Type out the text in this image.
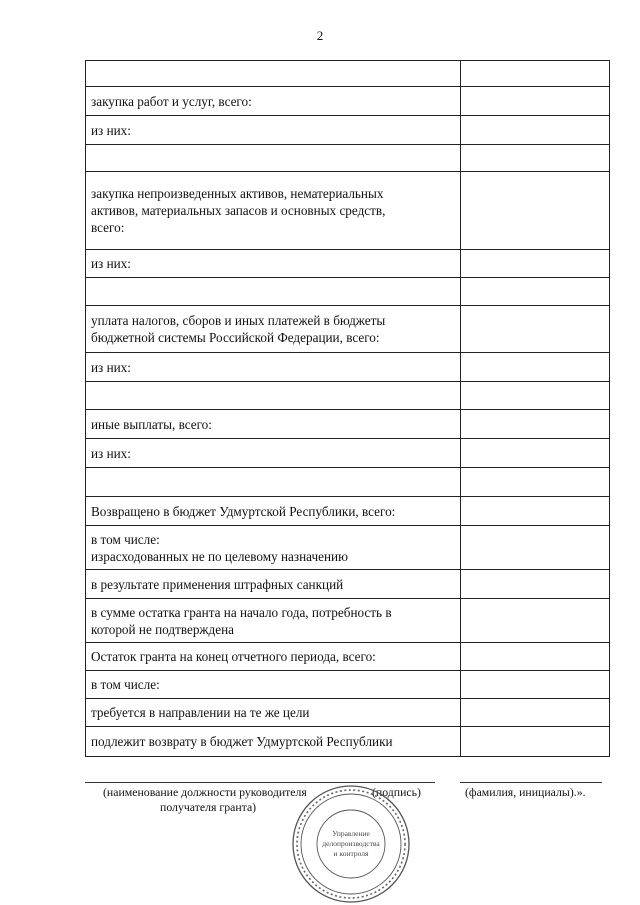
2

закупка работ и услуг, всего:	
из них:	

закупка непроизведенных активов, нематериальных
активов, материальных запасов и основных средств,
всего:	
из них:	

уплата налогов, сборов и иных платежей в бюджеты
бюджетной системы Российской Федерации, всего:	
из них:	

иные выплаты, всего:	
из них:	

Возвращено в бюджет Удмуртской Республики, всего:	
в том числе:
израсходованных не по целевому назначению	
в результате применения штрафных санкций	
в сумме остатка гранта на начало года, потребность в
которой не подтверждена	
Остаток гранта на конец отчетного периода, всего:	
в том числе:	
требуется в направлении на те же цели	
подлежит возврату в бюджет Удмуртской Республики	
(наименование должности руководителя
получателя гранта)
(подпись)	(фамилия, инициалы).».
Управление
делопроизводства
и контроля
